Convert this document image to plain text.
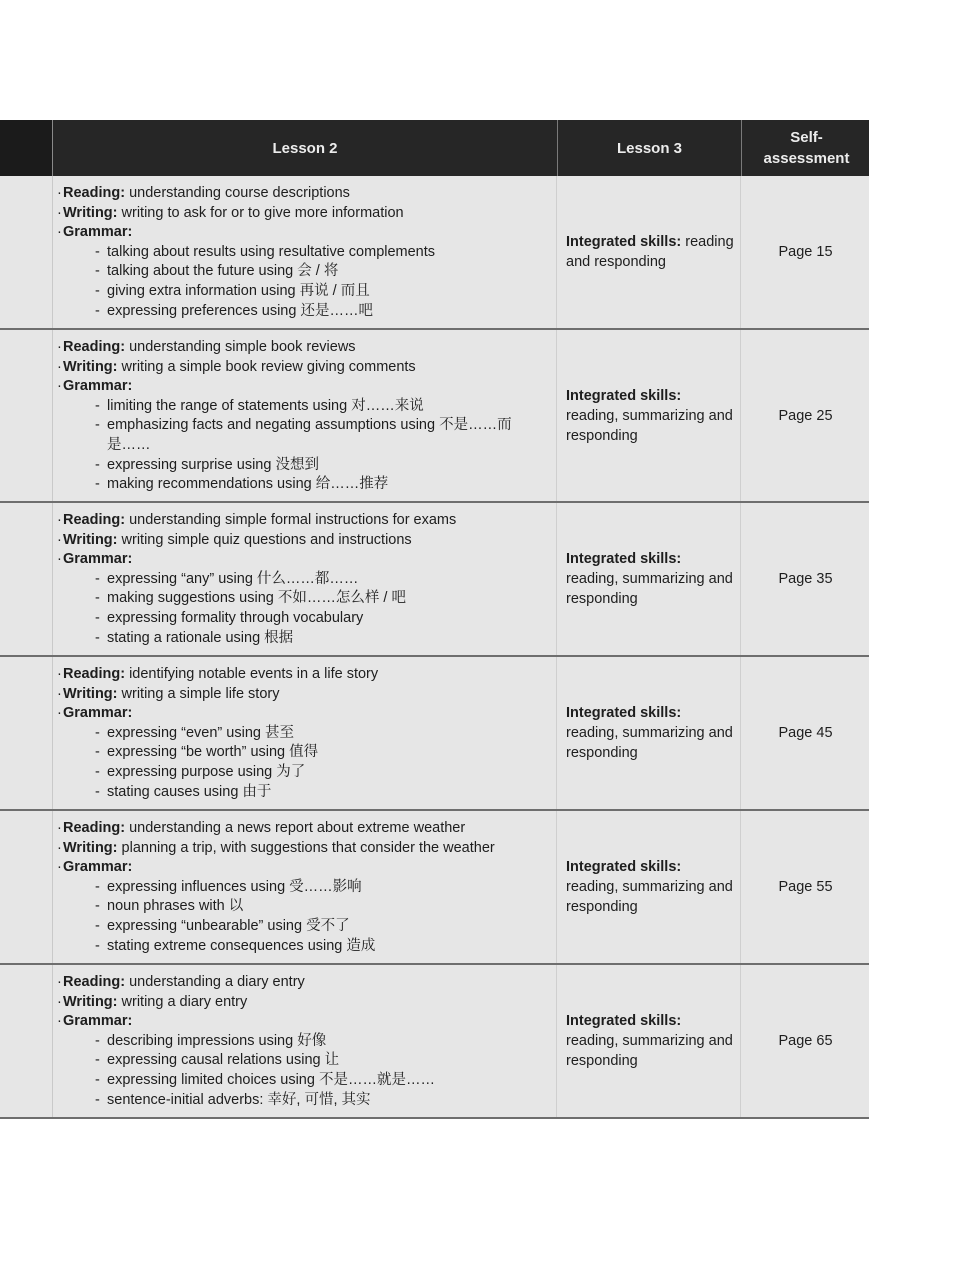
Lesson 2	Lesson 3
Self-
assessment
· Reading: understanding course descriptions
· Writing: writing to ask for or to give more information
· Grammar:
- talking about results using resultative complements
- talking about the future using 会 / 将
- giving extra information using 再说 / 而且
- expressing preferences using 还是……吧
Integrated skills: reading and responding
Page 15
· Reading: understanding simple book reviews
· Writing: writing a simple book review giving comments
· Grammar:
- limiting the range of statements using 对……来说
- emphasizing facts and negating assumptions using 不是……而是……
- expressing surprise using 没想到
- making recommendations using 给……推荐
Integrated skills: reading, summarizing and responding
Page 25
· Reading: understanding simple formal instructions for exams
· Writing: writing simple quiz questions and instructions
· Grammar:
- expressing “any” using 什么……都……
- making suggestions using 不如……怎么样 / 吧
- expressing formality through vocabulary
- stating a rationale using 根据
Integrated skills: reading, summarizing and responding
Page 35
· Reading: identifying notable events in a life story
· Writing: writing a simple life story
· Grammar:
- expressing “even” using 甚至
- expressing “be worth” using 值得
- expressing purpose using 为了
- stating causes using 由于
Integrated skills: reading, summarizing and responding
Page 45
· Reading: understanding a news report about extreme weather
· Writing: planning a trip, with suggestions that consider the weather
· Grammar:
- expressing influences using 受……影响
- noun phrases with 以
- expressing “unbearable” using 受不了
- stating extreme consequences using 造成
Integrated skills: reading, summarizing and responding
Page 55
· Reading: understanding a diary entry
· Writing: writing a diary entry
· Grammar:
- describing impressions using 好像
- expressing causal relations using 让
- expressing limited choices using 不是……就是……
- sentence-initial adverbs: 幸好, 可惜, 其实
Integrated skills: reading, summarizing and responding
Page 65
